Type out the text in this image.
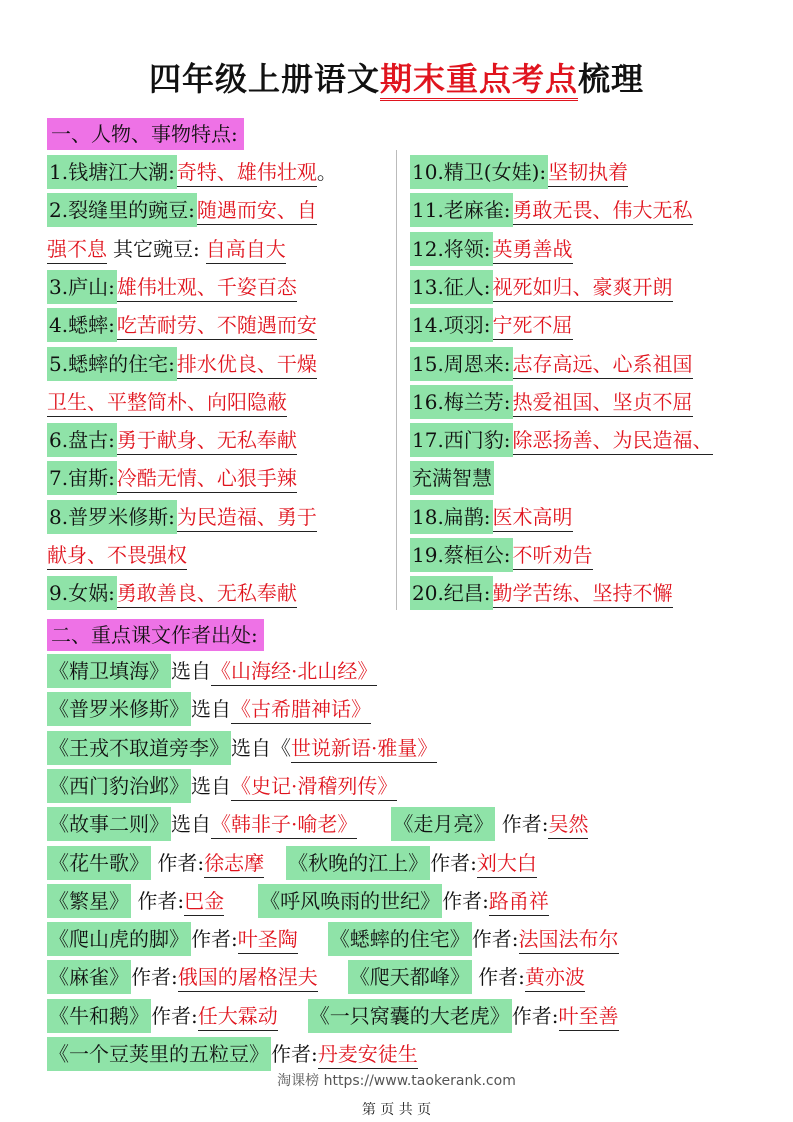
四年级上册语文期末重点考点梳理
一、人物、事物特点:
1.钱塘江大潮: 奇特、雄伟壮观。
2.裂缝里的豌豆: 随遇而安、自
强不息 其它豌豆: 自高自大
3.庐山: 雄伟壮观、千姿百态
4.蟋蟀: 吃苦耐劳、不随遇而安
5.蟋蟀的住宅: 排水优良、干燥
卫生、平整简朴、向阳隐蔽
6.盘古: 勇于献身、无私奉献
7.宙斯: 冷酷无情、心狠手辣
8.普罗米修斯: 为民造福、勇于
献身、不畏强权
9.女娲: 勇敢善良、无私奉献
10.精卫(女娃): 坚韧执着
11.老麻雀: 勇敢无畏、伟大无私
12.将领: 英勇善战
13.征人: 视死如归、豪爽开朗
14.项羽: 宁死不屈
15.周恩来: 志存高远、心系祖国
16.梅兰芳: 热爱祖国、坚贞不屈
17.西门豹: 除恶扬善、为民造福、
充满智慧
18.扁鹊: 医术高明
19.蔡桓公: 不听劝告
20.纪昌: 勤学苦练、坚持不懈
二、重点课文作者出处:
《精卫填海》 选自《山海经·北山经》
《普罗米修斯》 选自《古希腊神话》
《王戎不取道旁李》 选自《世说新语·雅量》
《西门豹治邺》 选自《史记·滑稽列传》
《故事二则》 选自《韩非子·喻老》 《走月亮》 作者:吴然
《花牛歌》 作者:徐志摩 《秋晚的江上》 作者:刘大白
《繁星》 作者:巴金 《呼风唤雨的世纪》 作者:路甬祥
《爬山虎的脚》 作者:叶圣陶 《蟋蟀的住宅》 作者:法国法布尔
《麻雀》 作者:俄国的屠格涅夫 《爬天都峰》 作者:黄亦波
《牛和鹅》 作者:任大霖动 《一只窝囊的大老虎》 作者:叶至善
《一个豆荚里的五粒豆》 作者:丹麦安徒生
淘课榜 https://www.taokerank.com
第 页 共 页
